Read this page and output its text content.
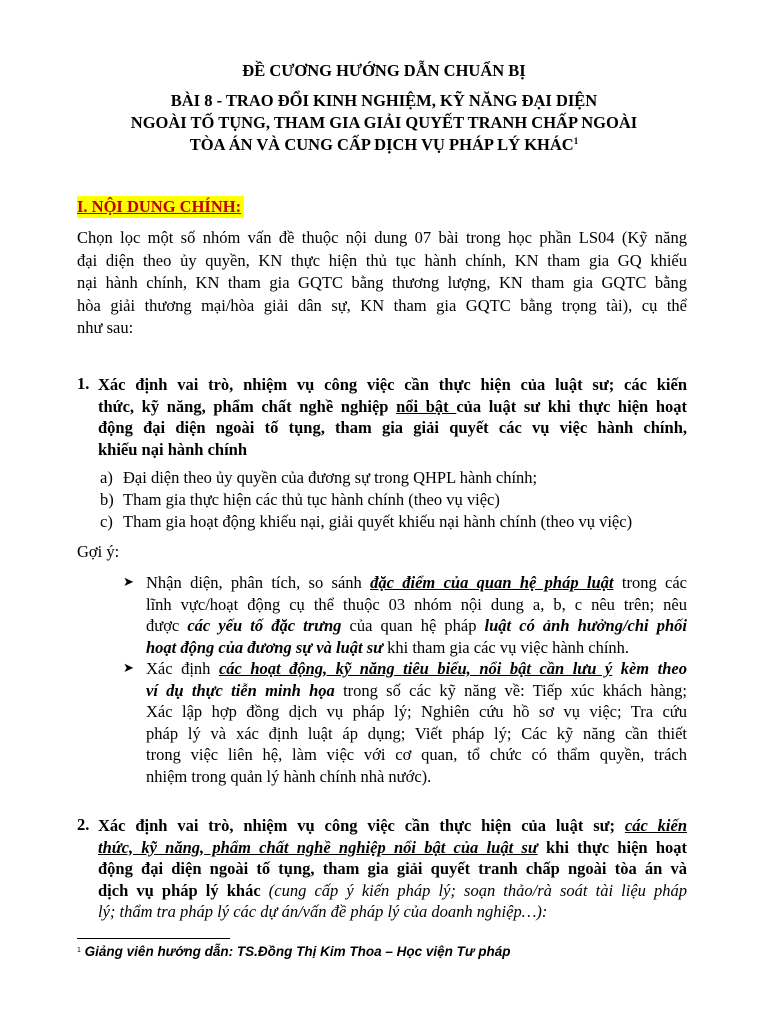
ĐỀ CƯƠNG HƯỚNG DẪN CHUẨN BỊ
BÀI 8 - TRAO ĐỔI KINH NGHIỆM, KỸ NĂNG ĐẠI DIỆN
NGOÀI TỐ TỤNG, THAM GIA GIẢI QUYẾT TRANH CHẤP NGOÀI
TÒA ÁN VÀ CUNG CẤP DỊCH VỤ PHÁP LÝ KHÁC$^1$
I. NỘI DUNG CHÍNH:
Chọn lọc một số nhóm vấn đề thuộc nội dung 07 bài trong học phần LS04 (Kỹ năng
đại diện theo ủy quyền, KN thực hiện thủ tục hành chính, KN tham gia GQ khiếu
nại hành chính, KN tham gia GQTC bằng thương lượng, KN tham gia GQTC bằng
hòa giải thương mại/hòa giải dân sự, KN tham gia GQTC bằng trọng tài), cụ thể
như sau:
1. Xác định vai trò, nhiệm vụ công việc cần thực hiện của luật sư; các kiến
thức, kỹ năng, phẩm chất nghề nghiệp nổi bật của luật sư khi thực hiện hoạt
động đại diện ngoài tố tụng, tham gia giải quyết các vụ việc hành chính,
khiếu nại hành chính
a) Đại diện theo ủy quyền của đương sự trong QHPL hành chính;
b) Tham gia thực hiện các thủ tục hành chính (theo vụ việc)
c) Tham gia hoạt động khiếu nại, giải quyết khiếu nại hành chính (theo vụ việc)
Gợi ý:
➤ Nhận diện, phân tích, so sánh đặc điểm của quan hệ pháp luật trong các
lĩnh vực/hoạt động cụ thể thuộc 03 nhóm nội dung a, b, c nêu trên; nêu
được các yếu tố đặc trưng của quan hệ pháp luật có ảnh hưởng/chi phối
hoạt động của đương sự và luật sư khi tham gia các vụ việc hành chính.
➤ Xác định các hoạt động, kỹ năng tiêu biểu, nổi bật cần lưu ý kèm theo
ví dụ thực tiễn minh họa trong số các kỹ năng về: Tiếp xúc khách hàng;
Xác lập hợp đồng dịch vụ pháp lý; Nghiên cứu hồ sơ vụ việc; Tra cứu
pháp lý và xác định luật áp dụng; Viết pháp lý; Các kỹ năng cần thiết
trong việc liên hệ, làm việc với cơ quan, tổ chức có thẩm quyền, trách
nhiệm trong quản lý hành chính nhà nước).
2. Xác định vai trò, nhiệm vụ công việc cần thực hiện của luật sư; các kiến
thức, kỹ năng, phẩm chất nghề nghiệp nổi bật của luật sư khi thực hiện hoạt
động đại diện ngoài tố tụng, tham gia giải quyết tranh chấp ngoài tòa án và
dịch vụ pháp lý khác (cung cấp ý kiến pháp lý; soạn thảo/rà soát tài liệu pháp
lý; thẩm tra pháp lý các dự án/vấn đề pháp lý của doanh nghiệp…):
$^1$ Giảng viên hướng dẫn: TS.Đồng Thị Kim Thoa – Học viện Tư pháp
